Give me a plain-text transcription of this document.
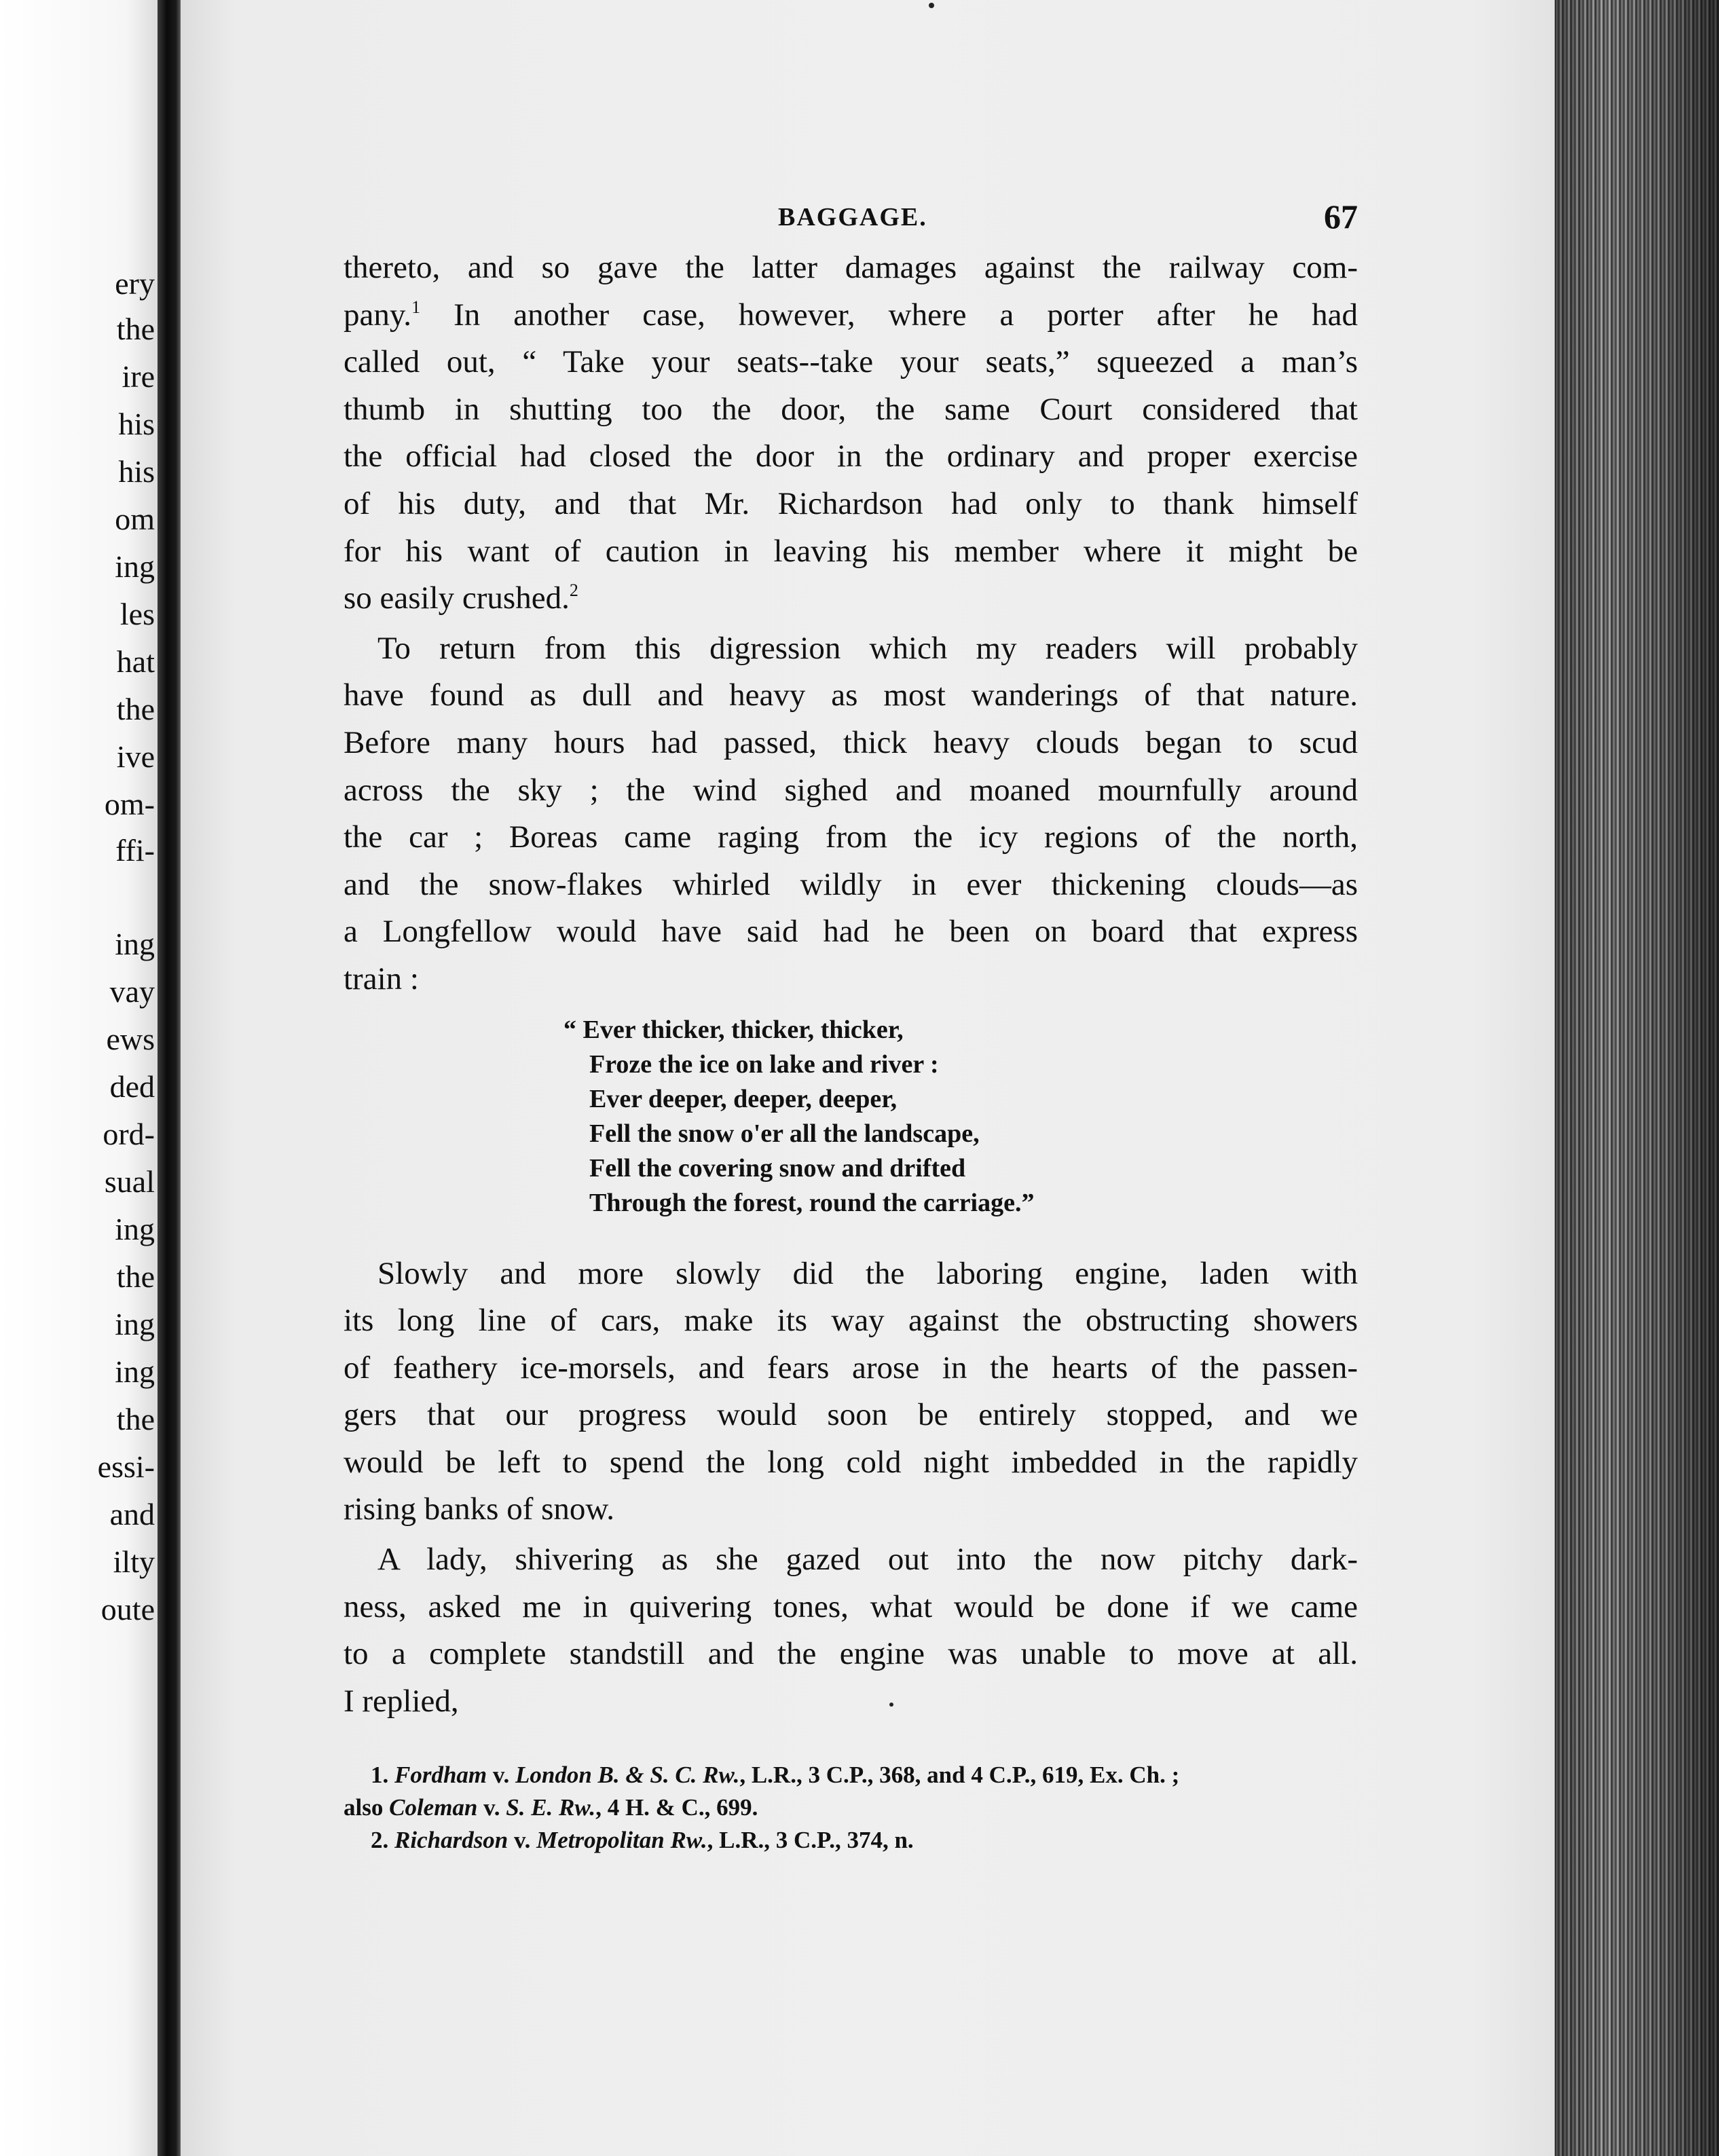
ery
the
ire
his
his
om
ing
les
hat
the
ive
om-
ffi-
ing
vay
ews
ded
ord-
sual
ing
the
ing
ing
the
essi-
and
ilty
oute
BAGGAGE.	67

thereto, and so gave the latter damages against the railway com-
pany.$^1$ In another case, however, where a porter after he had
called out, “ Take your seats--take your seats,” squeezed a man’s
thumb in shutting too the door, the same Court considered that
the official had closed the door in the ordinary and proper exercise
of his duty, and that Mr. Richardson had only to thank himself
for his want of caution in leaving his member where it might be
so easily crushed.$^2$

To return from this digression which my readers will probably
have found as dull and heavy as most wanderings of that nature.
Before many hours had passed, thick heavy clouds began to scud
across the sky ; the wind sighed and moaned mournfully around
the car ; Boreas came raging from the icy regions of the north,
and the snow-flakes whirled wildly in ever thickening clouds—as
a Longfellow would have said had he been on board that express
train :

“ Ever thicker, thicker, thicker,
Froze the ice on lake and river :
Ever deeper, deeper, deeper,
Fell the snow o'er all the landscape,
Fell the covering snow and drifted
Through the forest, round the carriage.”

Slowly and more slowly did the laboring engine, laden with
its long line of cars, make its way against the obstructing showers
of feathery ice-morsels, and fears arose in the hearts of the passen-
gers that our progress would soon be entirely stopped, and we
would be left to spend the long cold night imbedded in the rapidly
rising banks of snow.

A lady, shivering as she gazed out into the now pitchy dark-
ness, asked me in quivering tones, what would be done if we came
to a complete standstill and the engine was unable to move at all.
I replied,

1. Fordham v. London B. & S. C. Rw., L.R., 3 C.P., 368, and 4 C.P., 619, Ex. Ch. ;
also Coleman v. S. E. Rw., 4 H. & C., 699.
2. Richardson v. Metropolitan Rw., L.R., 3 C.P., 374, n.
